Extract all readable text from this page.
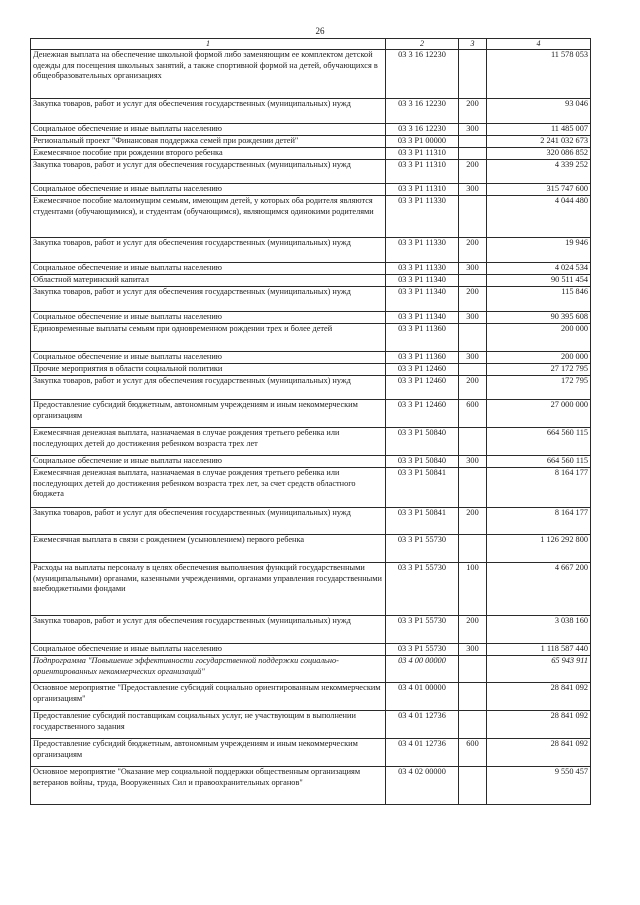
26
1	2	3	4
Денежная выплата на обеспечение школьной формой либо заменяющим ее комплектом детской одежды для посещения школьных занятий, а также спортивной формой на детей, обучающихся в общеобразовательных организациях	03 3 16 12230		11 578 053
Закупка товаров, работ и услуг для обеспечения государственных (муниципальных) нужд	03 3 16 12230	200	93 046
Социальное обеспечение и иные выплаты населению	03 3 16 12230	300	11 485 007
Региональный проект "Финансовая поддержка семей при рождении детей"	03 3 P1 00000		2 241 032 673
Ежемесячное пособие при рождении второго ребенка	03 3 P1 11310		320 086 852
Закупка товаров, работ и услуг для обеспечения государственных (муниципальных) нужд	03 3 P1 11310	200	4 339 252
Социальное обеспечение и иные выплаты населению	03 3 P1 11310	300	315 747 600
Ежемесячное пособие малоимущим семьям, имеющим детей, у которых оба родителя являются студентами (обучающимися), и студентам (обучающимся), являющимся одинокими родителями	03 3 P1 11330		4 044 480
Закупка товаров, работ и услуг для обеспечения государственных (муниципальных) нужд	03 3 P1 11330	200	19 946
Социальное обеспечение и иные выплаты населению	03 3 P1 11330	300	4 024 534
Областной материнский капитал	03 3 P1 11340		90 511 454
Закупка товаров, работ и услуг для обеспечения государственных (муниципальных) нужд	03 3 P1 11340	200	115 846
Социальное обеспечение и иные выплаты населению	03 3 P1 11340	300	90 395 608
Единовременные выплаты семьям при одновременном рождении трех и более детей	03 3 P1 11360		200 000
Социальное обеспечение и иные выплаты населению	03 3 P1 11360	300	200 000
Прочие мероприятия в области социальной политики	03 3 P1 12460		27 172 795
Закупка товаров, работ и услуг для обеспечения государственных (муниципальных) нужд	03 3 P1 12460	200	172 795
Предоставление субсидий бюджетным, автономным учреждениям и иным некоммерческим организациям	03 3 P1 12460	600	27 000 000
Ежемесячная денежная выплата, назначаемая в случае рождения третьего ребенка или последующих детей до достижения ребенком возраста трех лет	03 3 P1 50840		664 560 115
Социальное обеспечение и иные выплаты населению	03 3 P1 50840	300	664 560 115
Ежемесячная денежная выплата, назначаемая в случае рождения третьего ребенка или последующих детей до достижения ребенком возраста трех лет, за счет средств областного бюджета	03 3 P1 50841		8 164 177
Закупка товаров, работ и услуг для обеспечения государственных (муниципальных) нужд	03 3 P1 50841	200	8 164 177
Ежемесячная выплата в связи с рождением (усыновлением) первого ребенка	03 3 P1 55730		1 126 292 800
Расходы на выплаты персоналу в целях обеспечения выполнения функций государственными (муниципальными) органами, казенными учреждениями, органами управления государственными внебюджетными фондами	03 3 P1 55730	100	4 667 200
Закупка товаров, работ и услуг для обеспечения государственных (муниципальных) нужд	03 3 P1 55730	200	3 038 160
Социальное обеспечение и иные выплаты населению	03 3 P1 55730	300	1 118 587 440
Подпрограмма "Повышение эффективности государственной поддержки социально-ориентированных некоммерческих организаций"	03 4 00 00000		65 943 911
Основное мероприятие "Предоставление субсидий социально ориентированным некоммерческим организациям"	03 4 01 00000		28 841 092
Предоставление субсидий поставщикам социальных услуг, не участвующим в выполнении государственного задания	03 4 01 12736		28 841 092
Предоставление субсидий бюджетным, автономным учреждениям и иным некоммерческим организациям	03 4 01 12736	600	28 841 092
Основное мероприятие "Оказание мер социальной поддержки общественным организациям ветеранов войны, труда, Вооруженных Сил и правоохранительных органов"	03 4 02 00000		9 550 457
